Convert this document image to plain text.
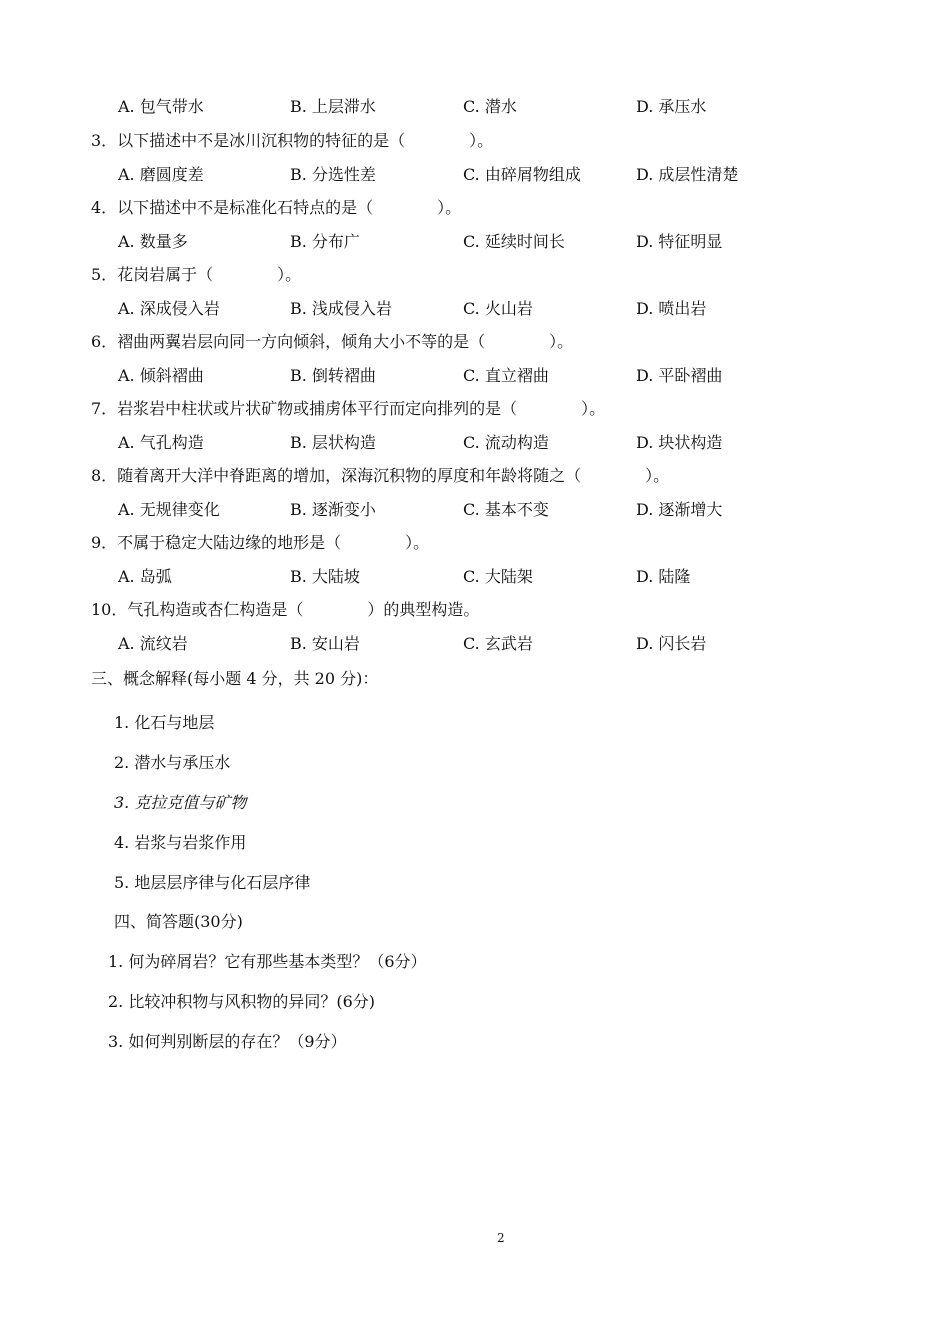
A. 包气带水	B. 上层滞水	C. 潜水	D. 承压水
3．以下描述中不是冰川沉积物的特征的是（　　　　）。
A. 磨圆度差	B. 分选性差	C. 由碎屑物组成	D. 成层性清楚
4．以下描述中不是标准化石特点的是（　　　　）。
A. 数量多	B. 分布广	C. 延续时间长	D. 特征明显
5．花岗岩属于（　　　　）。
A. 深成侵入岩	B. 浅成侵入岩	C. 火山岩	D. 喷出岩
6．褶曲两翼岩层向同一方向倾斜，倾角大小不等的是（　　　　）。
A. 倾斜褶曲	B. 倒转褶曲	C. 直立褶曲	D. 平卧褶曲
7．岩浆岩中柱状或片状矿物或捕虏体平行而定向排列的是（　　　　）。
A. 气孔构造	B. 层状构造	C. 流动构造	D. 块状构造
8．随着离开大洋中脊距离的增加，深海沉积物的厚度和年龄将随之（　　　　）。
A. 无规律变化	B. 逐渐变小	C. 基本不变	D. 逐渐增大
9．不属于稳定大陆边缘的地形是（　　　　）。
A. 岛弧	B. 大陆坡	C. 大陆架	D. 陆隆
10．气孔构造或杏仁构造是（　　　　）的典型构造。
A. 流纹岩	B. 安山岩	C. 玄武岩	D. 闪长岩
三、概念解释(每小题 4 分，共 20 分)：
1. 化石与地层
2. 潜水与承压水
3. 克拉克值与矿物
4. 岩浆与岩浆作用
5. 地层层序律与化石层序律
四、简答题(30分)
1. 何为碎屑岩？它有那些基本类型？（6分）
2. 比较冲积物与风积物的异同？(6分)
3. 如何判别断层的存在？（9分）
2
